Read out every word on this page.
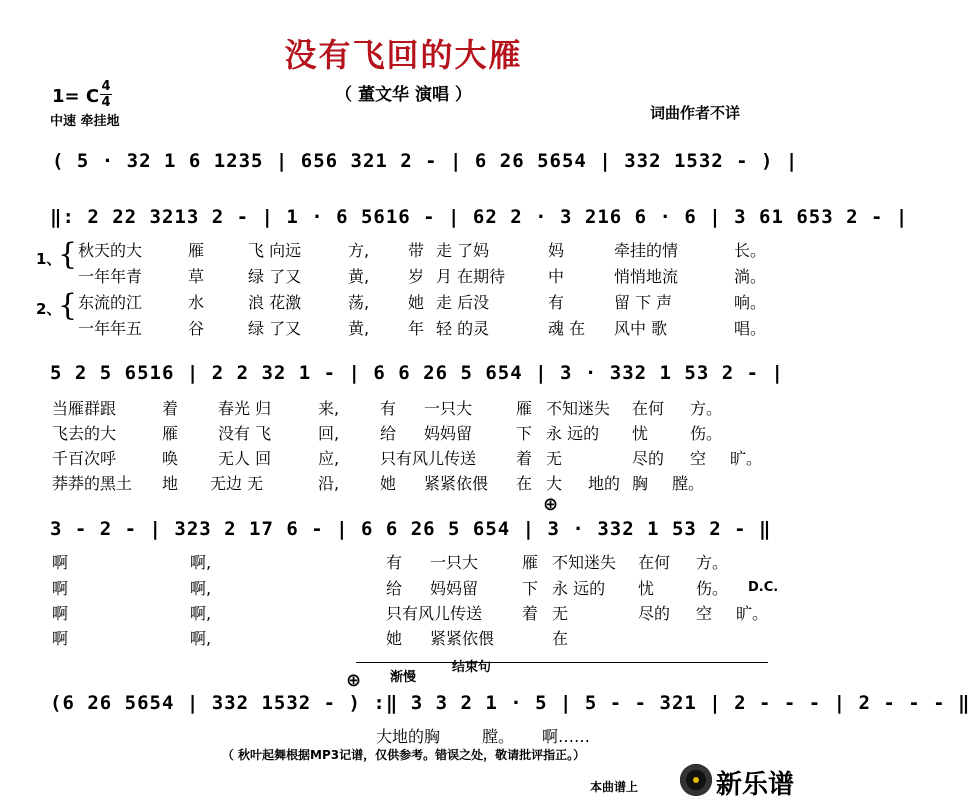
没有飞回的大雁
（ 董文华 演唱 ）
1= C 4
4
中速 牵挂地	词曲作者不详
( 5 · 32 1 6 1235 | 656 321 2 - | 6 26 5654 | 332 1532 - ) |
‖: 2 22 3213 2 - | 1 · 6 5616 - | 62 2 · 3 216 6 · 6 | 3 61 653 2 - |
1、
{
2、
{
秋天的大	雁	飞 向远	方, 带 走 了妈	妈	牵挂的情	长。
一年年青	草	绿 了又	黄, 岁 月 在期待	中	悄悄地流	淌。
东流的江	水	浪 花激	荡, 她 走 后没	有	留 下 声	响。
一年年五	谷	绿 了又	黄, 年 轻 的灵	魂 在 风中 歌	唱。
5 2 5 6516 | 2 2 32 1 - | 6 6 26 5 654 | 3 · 332 1 53 2 - |
当雁群跟	着 春光 归	来,	有 一只大	雁 不知迷失 在何 方。
飞去的大	雁 没有 飞	回,	给 妈妈留	下 永 远的 忧	伤。
千百次呼	唤 无人 回	应,	只有风儿传送 着 无	尽的 空 旷。
莽莽的黑土 地 无边 无	沿,	她 紧紧依偎 在 大 地的 胸 膛。
⊕
3 - 2 - | 323 2 17 6 - | 6 6 26 5 654 | 3 · 332 1 53 2 - ‖
啊	啊,	有 一只大	雁 不知迷失 在何 方。
啊	啊,	给 妈妈留	下 永 远的 忧	伤。 D.C.
啊	啊,	只有风儿传送 着 无	尽的 空 旷。
啊	啊,	她 紧紧依偎	在
⊕ 渐慢
结束句
(6 26 5654 | 332 1532 - ) :‖ 3 3 2 1 · 5 | 5 - - 321 | 2 - - - | 2 - - - ‖
大地的胸	膛。 啊……
（ 秋叶起舞根据MP3记谱，仅供参考。错误之处，敬请批评指正。）
本曲谱上	新乐谱
